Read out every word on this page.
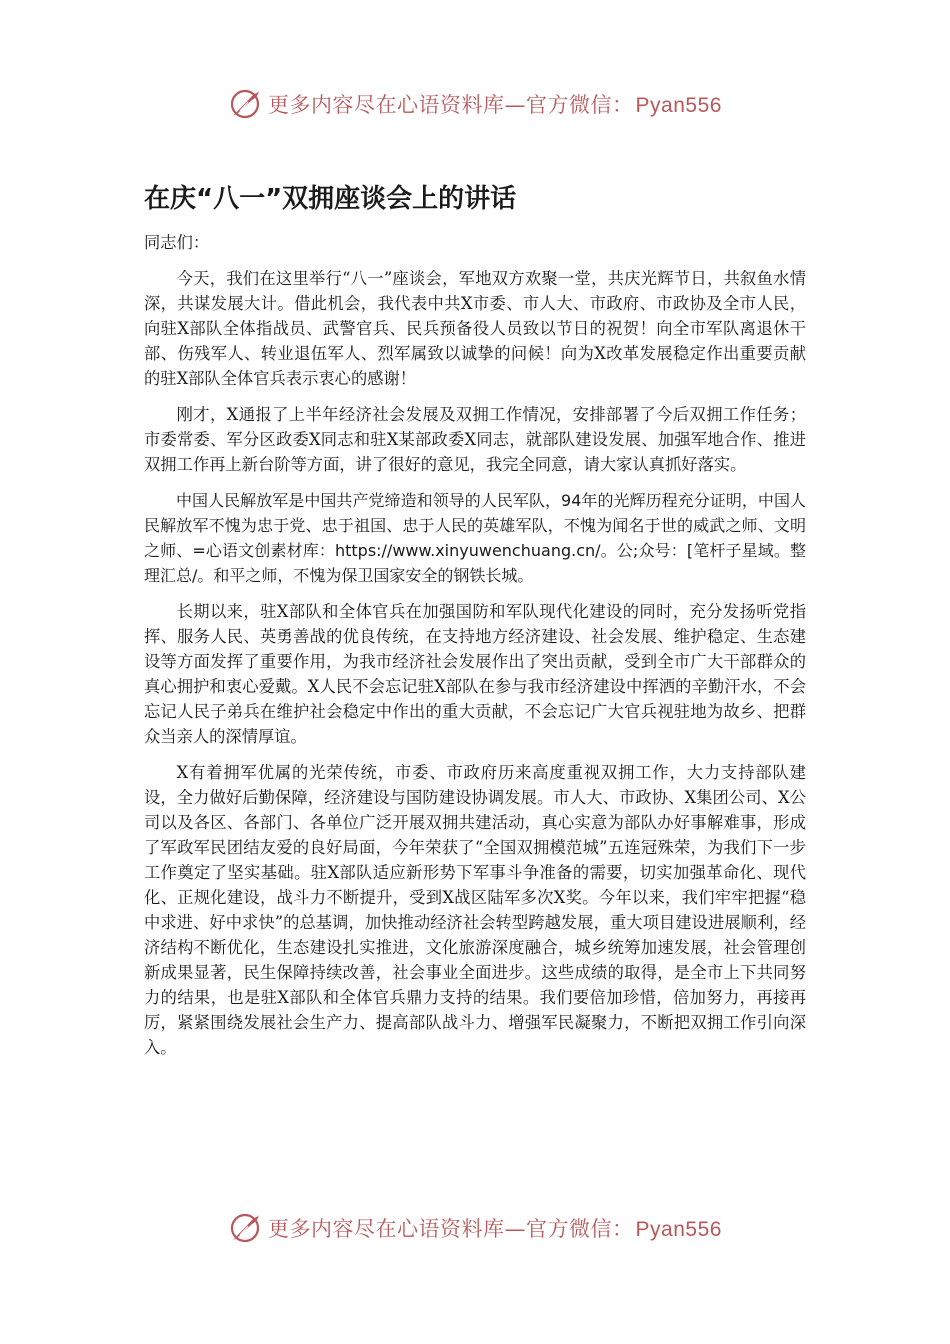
更多内容尽在心语资料库—官方微信：Pyan556
在庆“八一”双拥座谈会上的讲话

同志们：

今天，我们在这里举行“八一”座谈会，军地双方欢聚一堂，共庆光辉节日，共叙鱼水情深，共谋发展大计。借此机会，我代表中共X市委、市人大、市政府、市政协及全市人民，向驻X部队全体指战员、武警官兵、民兵预备役人员致以节日的祝贺！向全市军队离退休干部、伤残军人、转业退伍军人、烈军属致以诚挚的问候！向为X改革发展稳定作出重要贡献的驻X部队全体官兵表示衷心的感谢！

刚才，X通报了上半年经济社会发展及双拥工作情况，安排部署了今后双拥工作任务；市委常委、军分区政委X同志和驻X某部政委X同志，就部队建设发展、加强军地合作、推进双拥工作再上新台阶等方面，讲了很好的意见，我完全同意，请大家认真抓好落实。

中国人民解放军是中国共产党缔造和领导的人民军队，94年的光辉历程充分证明，中国人民解放军不愧为忠于党、忠于祖国、忠于人民的英雄军队，不愧为闻名于世的威武之师、文明之师、=心语文创素材库：https://www.xinyuwenchuang.cn/。公;众号：[笔杆子星域。整理汇总/。和平之师，不愧为保卫国家安全的钢铁长城。

长期以来，驻X部队和全体官兵在加强国防和军队现代化建设的同时，充分发扬听党指挥、服务人民、英勇善战的优良传统，在支持地方经济建设、社会发展、维护稳定、生态建设等方面发挥了重要作用，为我市经济社会发展作出了突出贡献，受到全市广大干部群众的真心拥护和衷心爱戴。X人民不会忘记驻X部队在参与我市经济建设中挥洒的辛勤汗水，不会忘记人民子弟兵在维护社会稳定中作出的重大贡献，不会忘记广大官兵视驻地为故乡、把群众当亲人的深情厚谊。

X有着拥军优属的光荣传统，市委、市政府历来高度重视双拥工作，大力支持部队建设，全力做好后勤保障，经济建设与国防建设协调发展。市人大、市政协、X集团公司、X公司以及各区、各部门、各单位广泛开展双拥共建活动，真心实意为部队办好事解难事，形成了军政军民团结友爱的良好局面，今年荣获了“全国双拥模范城”五连冠殊荣，为我们下一步工作奠定了坚实基础。驻X部队适应新形势下军事斗争准备的需要，切实加强革命化、现代化、正规化建设，战斗力不断提升，受到X战区陆军多次X奖。今年以来，我们牢牢把握“稳中求进、好中求快”的总基调，加快推动经济社会转型跨越发展，重大项目建设进展顺利，经济结构不断优化，生态建设扎实推进，文化旅游深度融合，城乡统筹加速发展，社会管理创新成果显著，民生保障持续改善，社会事业全面进步。这些成绩的取得，是全市上下共同努力的结果，也是驻X部队和全体官兵鼎力支持的结果。我们要倍加珍惜，倍加努力，再接再厉，紧紧围绕发展社会生产力、提高部队战斗力、增强军民凝聚力，不断把双拥工作引向深入。

更多内容尽在心语资料库—官方微信：Pyan556
